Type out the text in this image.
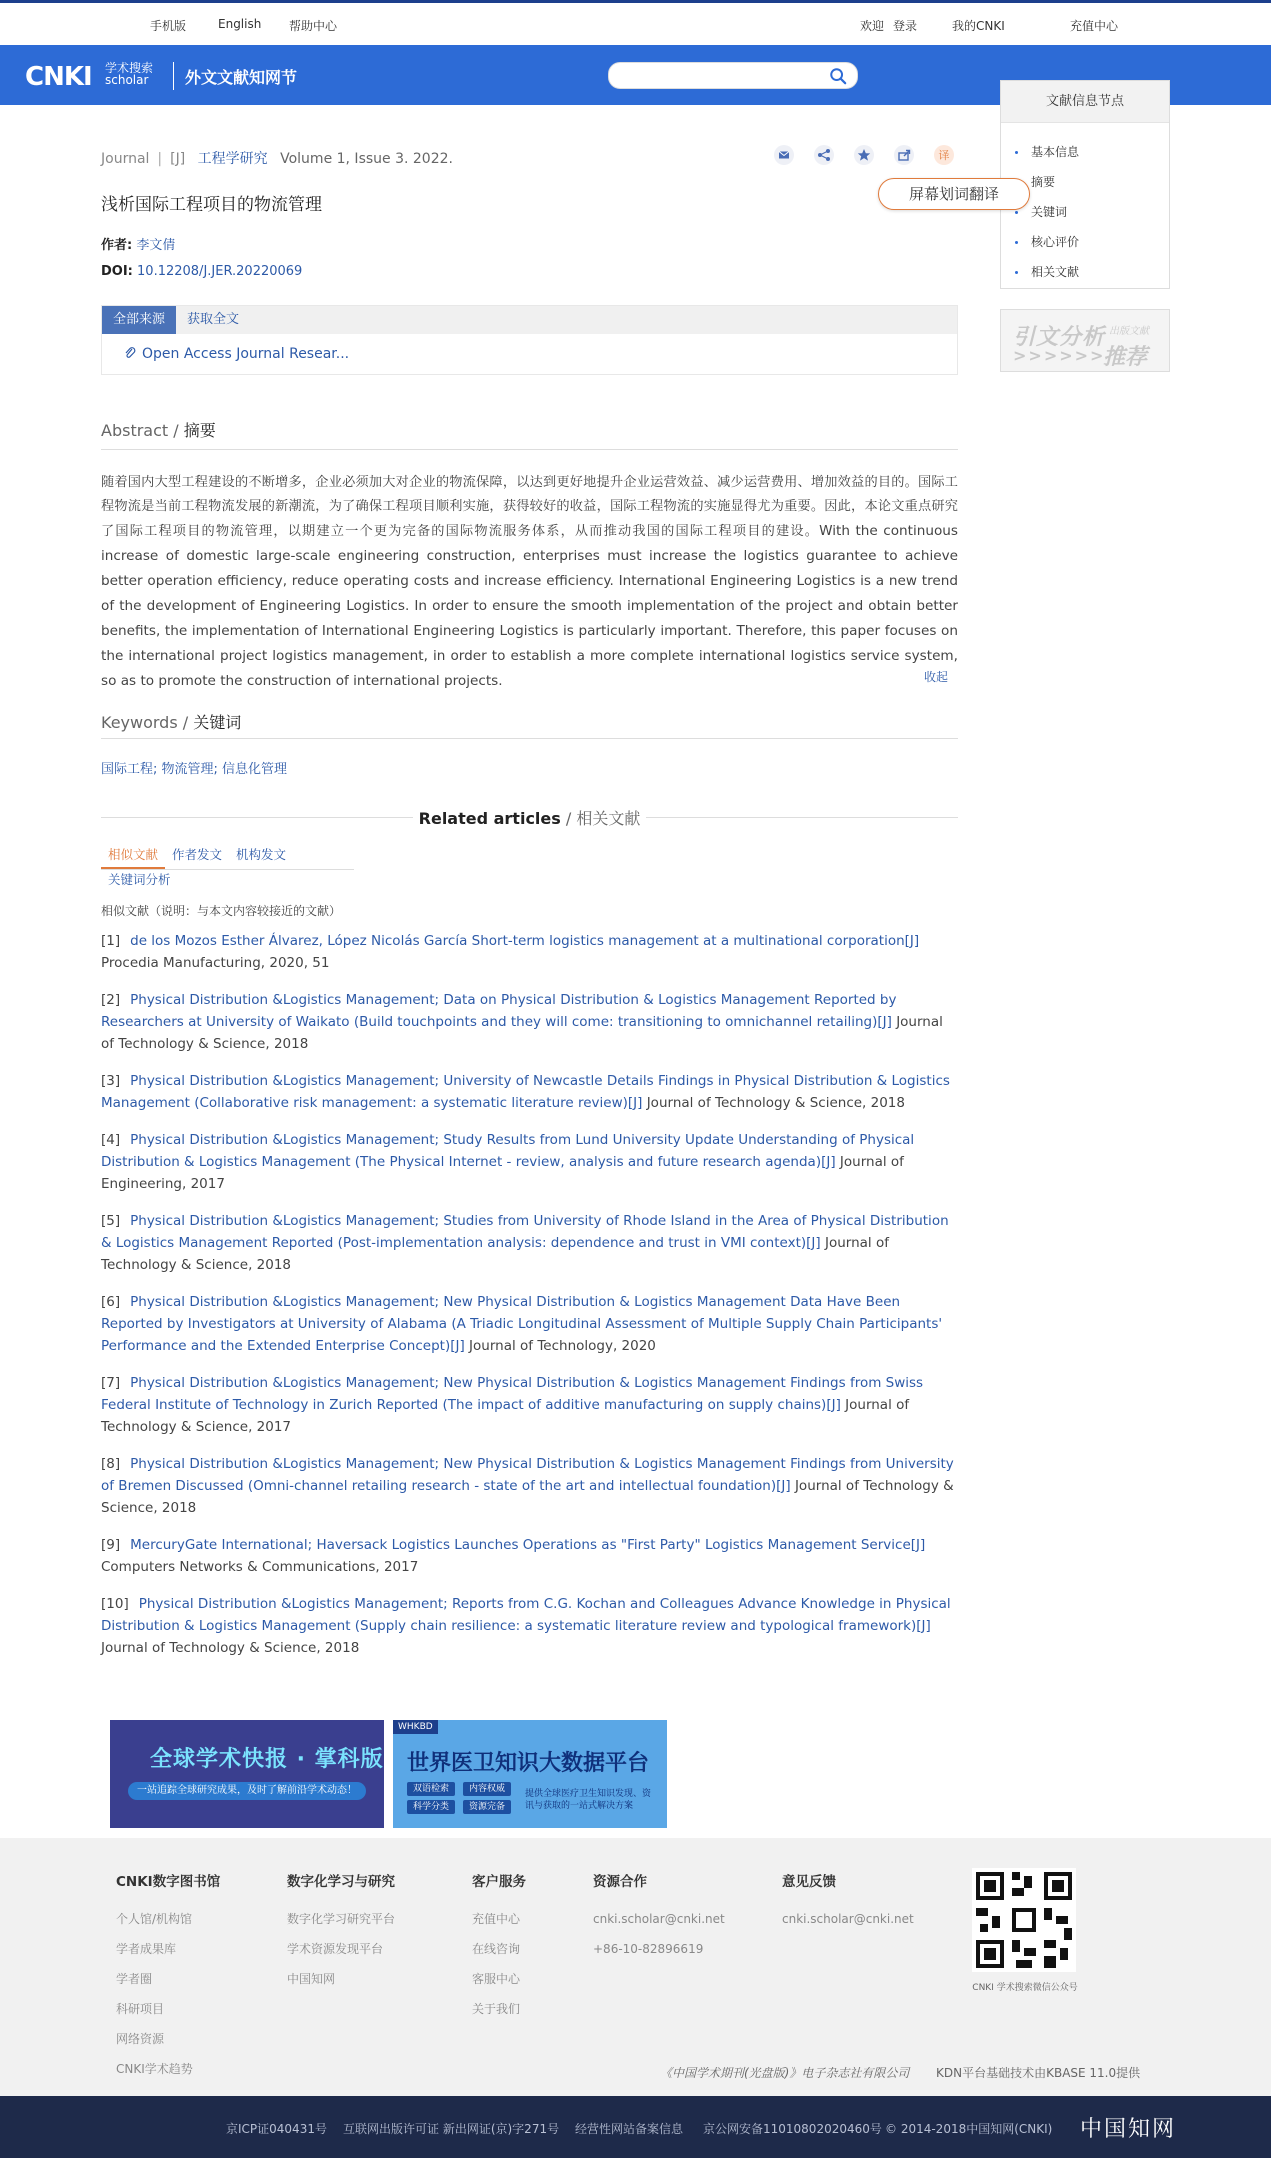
手机版	English 帮助中心	欢迎 登录	我的CNKI	充值中心
CNKI 学术搜索
scholar 外文文献知网节
文献信息节点
基本信息
摘要
关键词
核心评价
相关文献
引文分析 出版文献
>>>>>>
推荐
Journal | [J] 工程学研究 Volume 1, Issue 3. 2022.	译
屏幕划词翻译
浅析国际工程项目的物流管理
作者: 李文倩
DOI: 10.12208/J.JER.20220069
全部来源	获取全文
Open Access Journal Resear...
Abstract / 摘要
随着国内大型工程建设的不断增多，企业必须加大对企业的物流保障，以达到更好地提升企业运营效益、减少运营费用、增加效益的目的。国际工程物流是当前工程物流发展的新潮流，为了确保工程项目顺利实施，获得较好的收益，国际工程物流的实施显得尤为重要。因此，本论文重点研究了国际工程项目的物流管理，以期建立一个更为完备的国际物流服务体系，从而推动我国的国际工程项目的建设。With the continuous increase of domestic large-scale engineering construction, enterprises must increase the logistics guarantee to achieve better operation efficiency, reduce operating costs and increase efficiency. International Engineering Logistics is a new trend of the development of Engineering Logistics. In order to ensure the smooth implementation of the project and obtain better benefits, the implementation of International Engineering Logistics is particularly important. Therefore, this paper focuses on the international project logistics management, in order to establish a more complete international logistics service system, so as to promote the construction of international projects.	收起
Keywords / 关键词
国际工程; 物流管理; 信息化管理
Related articles / 相关文献
相似文献	作者发文	机构发文
关键词分析
相似文献（说明：与本文内容较接近的文献）
[1] de los Mozos Esther Álvarez, López Nicolás García Short-term logistics management at a multinational corporation[J] Procedia Manufacturing, 2020, 51
[2] Physical Distribution &Logistics Management; Data on Physical Distribution & Logistics Management Reported by Researchers at University of Waikato (Build touchpoints and they will come: transitioning to omnichannel retailing)[J] Journal of Technology & Science, 2018
[3] Physical Distribution &Logistics Management; University of Newcastle Details Findings in Physical Distribution & Logistics Management (Collaborative risk management: a systematic literature review)[J] Journal of Technology & Science, 2018
[4] Physical Distribution &Logistics Management; Study Results from Lund University Update Understanding of Physical Distribution & Logistics Management (The Physical Internet - review, analysis and future research agenda)[J] Journal of Engineering, 2017
[5] Physical Distribution &Logistics Management; Studies from University of Rhode Island in the Area of Physical Distribution & Logistics Management Reported (Post-implementation analysis: dependence and trust in VMI context)[J] Journal of Technology & Science, 2018
[6] Physical Distribution &Logistics Management; New Physical Distribution & Logistics Management Data Have Been Reported by Investigators at University of Alabama (A Triadic Longitudinal Assessment of Multiple Supply Chain Participants' Performance and the Extended Enterprise Concept)[J] Journal of Technology, 2020
[7] Physical Distribution &Logistics Management; New Physical Distribution & Logistics Management Findings from Swiss Federal Institute of Technology in Zurich Reported (The impact of additive manufacturing on supply chains)[J] Journal of Technology & Science, 2017
[8] Physical Distribution &Logistics Management; New Physical Distribution & Logistics Management Findings from University of Bremen Discussed (Omni-channel retailing research - state of the art and intellectual foundation)[J] Journal of Technology & Science, 2018
[9] MercuryGate International; Haversack Logistics Launches Operations as "First Party" Logistics Management Service[J] Computers Networks & Communications, 2017
[10] Physical Distribution &Logistics Management; Reports from C.G. Kochan and Colleagues Advance Knowledge in Physical Distribution & Logistics Management (Supply chain resilience: a systematic literature review and typological framework)[J] Journal of Technology & Science, 2018
全球学术快报 · 掌科版
一站追踪全球研究成果，及时了解前沿学术动态！
WHKBD
世界医卫知识大数据平台
双语检索	内容权威
科学分类	资源完备
提供全球医疗卫生知识发现、资讯与获取的一站式解决方案
CNKI数字图书馆
个人馆/机构馆
学者成果库
学者圈
科研项目
网络资源
CNKI学术趋势
数字化学习与研究
数字化学习研究平台
学术资源发现平台
中国知网
客户服务
充值中心
在线咨询
客服中心
关于我们
资源合作
cnki.scholar@cnki.net
+86-10-82896619
意见反馈
cnki.scholar@cnki.net
CNKI 学术搜索微信公众号
《中国学术期刊(光盘版)》电子杂志社有限公司 KDN平台基础技术由KBASE 11.0提供
京ICP证040431号 互联网出版许可证 新出网证(京)字271号 经营性网站备案信息 京公网安备11010802020460号 © 2014-2018中国知网(CNKI) 中国知网
